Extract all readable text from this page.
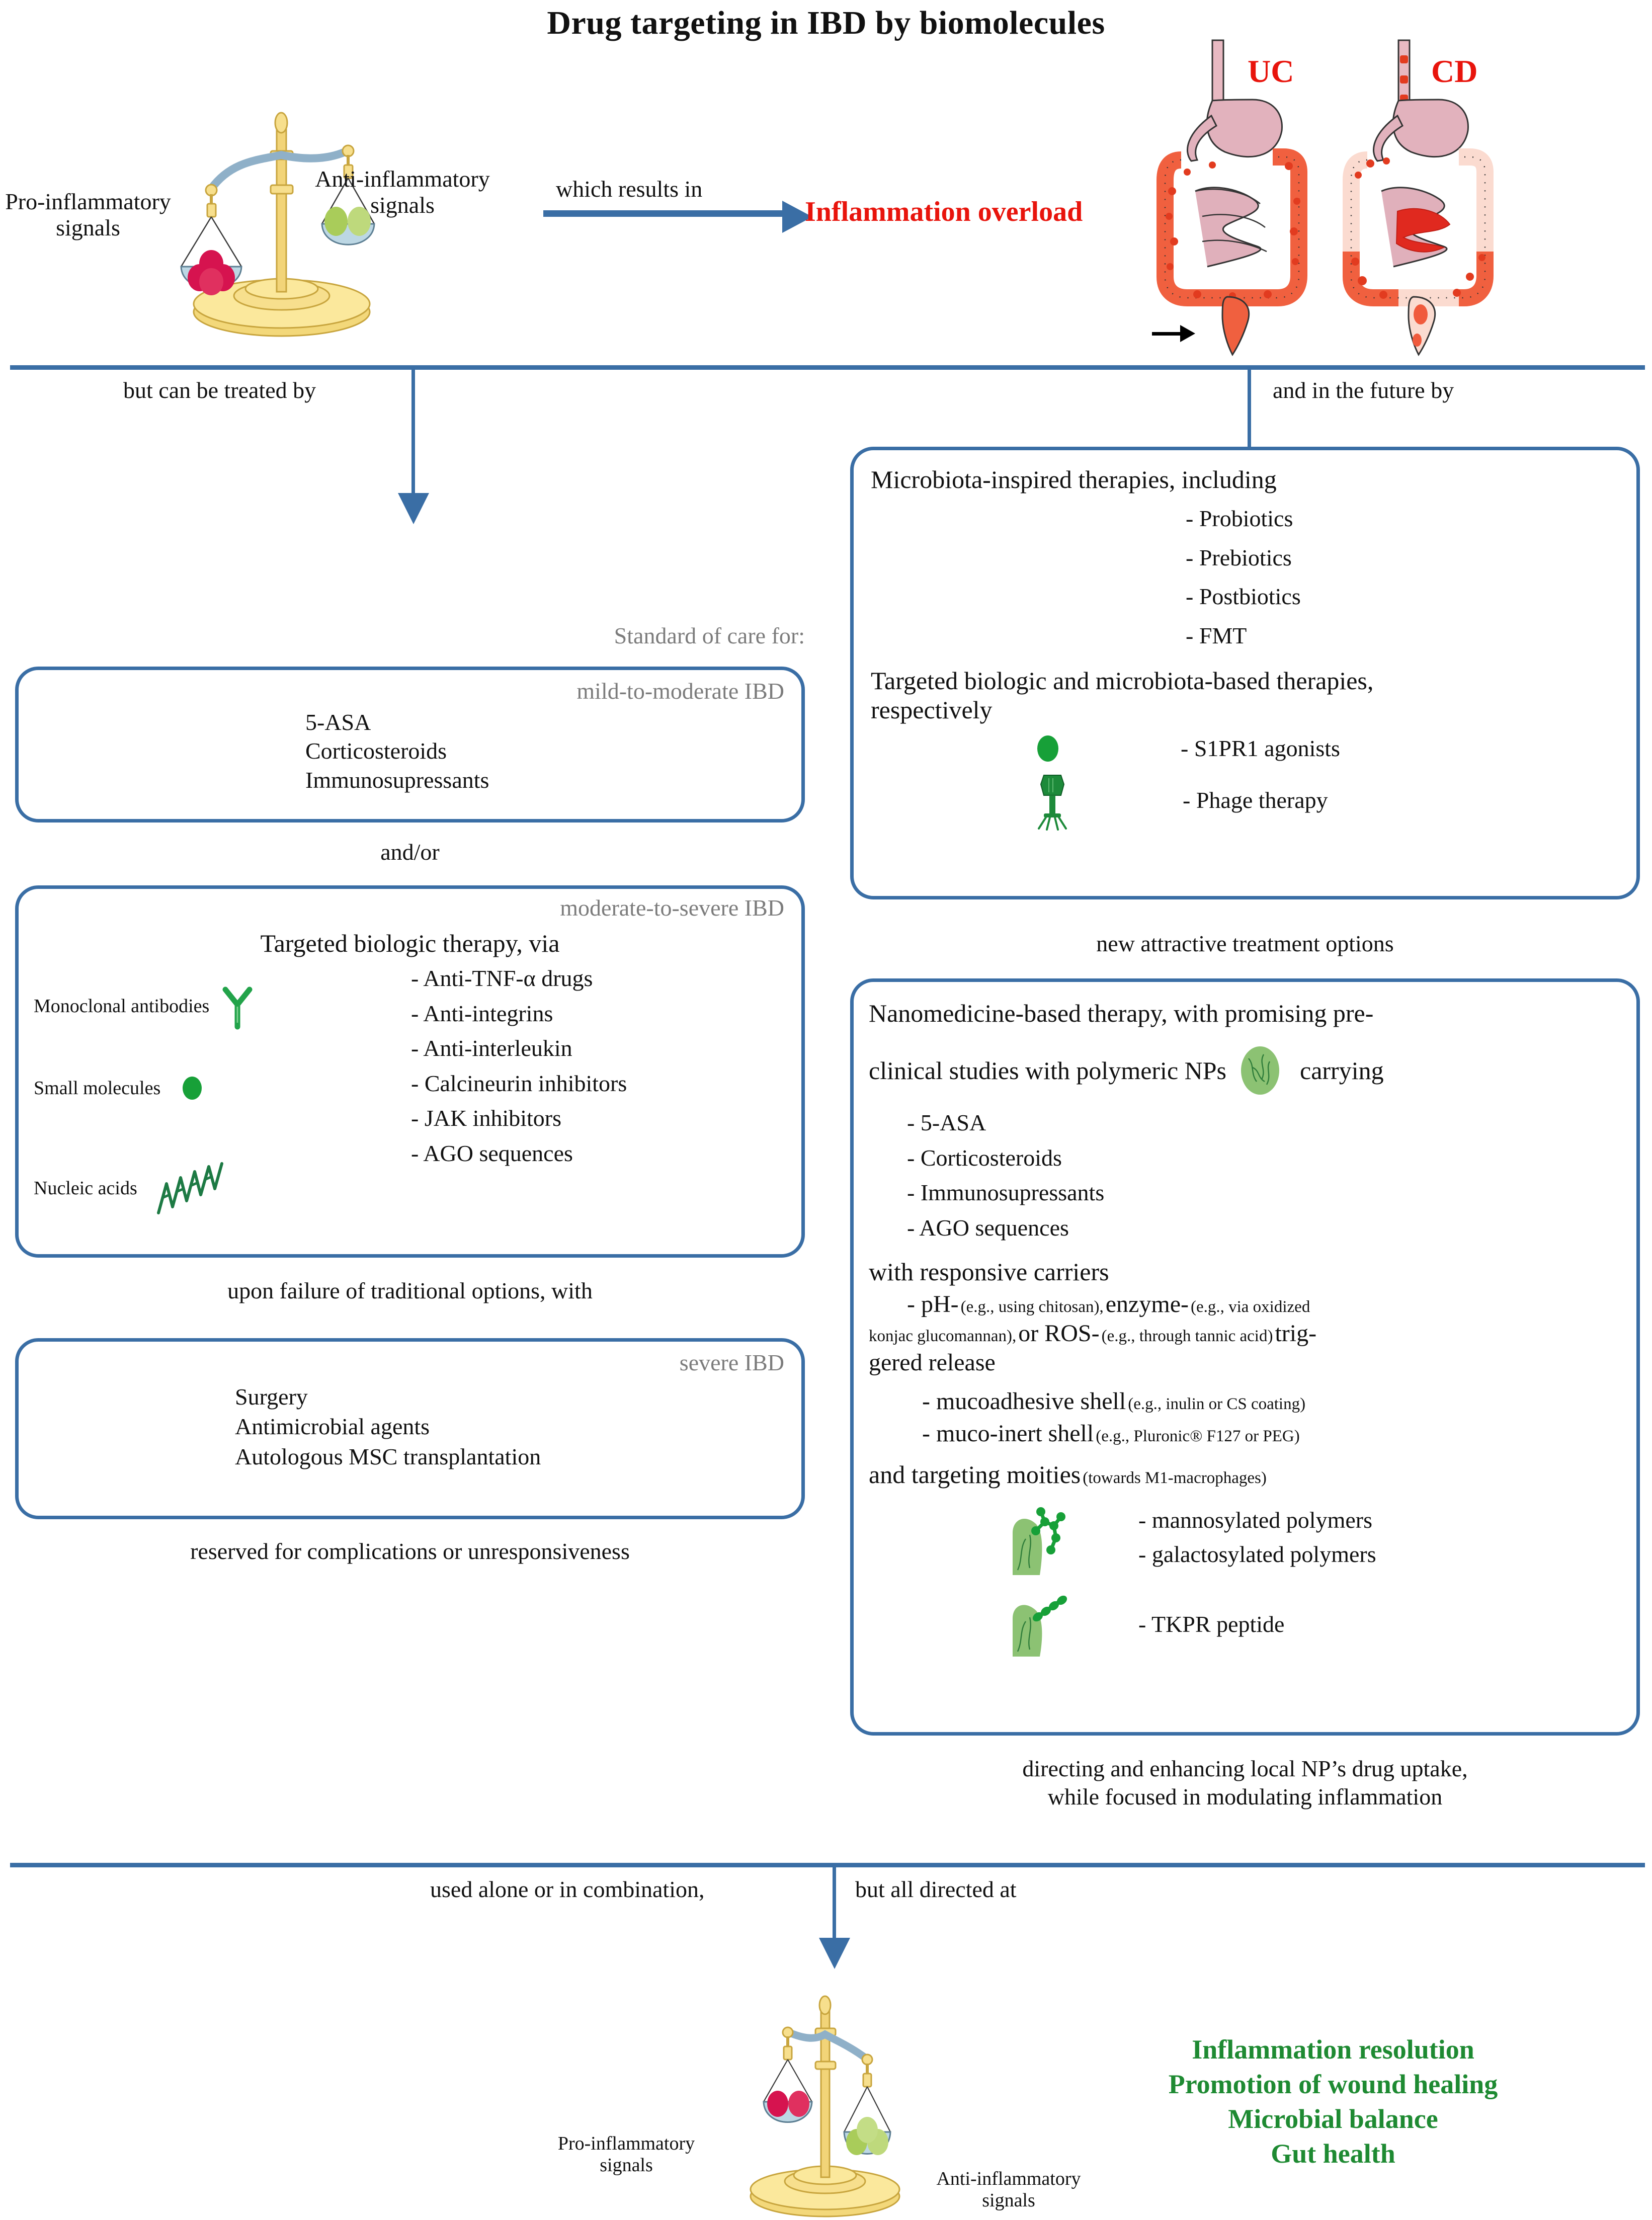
Drug targeting in IBD by biomolecules
Pro-inflammatory
signals
Anti-inflammatory
signals
which results in
Inflammation overload
UC	CD
but can be treated by	and in the future by
Standard of care for:
mild-to-moderate IBD
5-ASA
Corticosteroids
Immunosupressants
and/or
moderate-to-severe IBD
Targeted biologic therapy, via
Monoclonal antibodies
Small molecules
Nucleic acids
- Anti-TNF-α drugs
- Anti-integrins
- Anti-interleukin
- Calcineurin inhibitors
- JAK inhibitors
- AGO sequences
upon failure of traditional options, with
severe IBD
Surgery
Antimicrobial agents
Autologous MSC transplantation
reserved for complications or unresponsiveness
Microbiota-inspired therapies, including
- Probiotics
- Prebiotics
- Postbiotics
- FMT
Targeted biologic and microbiota-based therapies,
respectively
- S1PR1 agonists
- Phage therapy
new attractive treatment options
Nanomedicine-based therapy, with promising pre-
clinical studies with polymeric NPs	carrying
- 5-ASA
- Corticosteroids
- Immunosupressants
- AGO sequences
with responsive carriers
- pH- (e.g., using chitosan), enzyme- (e.g., via oxidized
konjac glucomannan), or ROS- (e.g., through tannic acid) trig-
gered release
- mucoadhesive shell (e.g., inulin or CS coating)
- muco-inert shell (e.g., Pluronic® F127 or PEG)
and targeting moities (towards M1-macrophages)
- mannosylated polymers
- galactosylated polymers
- TKPR peptide
directing and enhancing local NP’s drug uptake,
while focused in modulating inflammation
used alone or in combination,	but all directed at
Pro-inflammatory
signals
Anti-inflammatory
signals
Inflammation resolution
Promotion of wound healing
Microbial balance
Gut health
